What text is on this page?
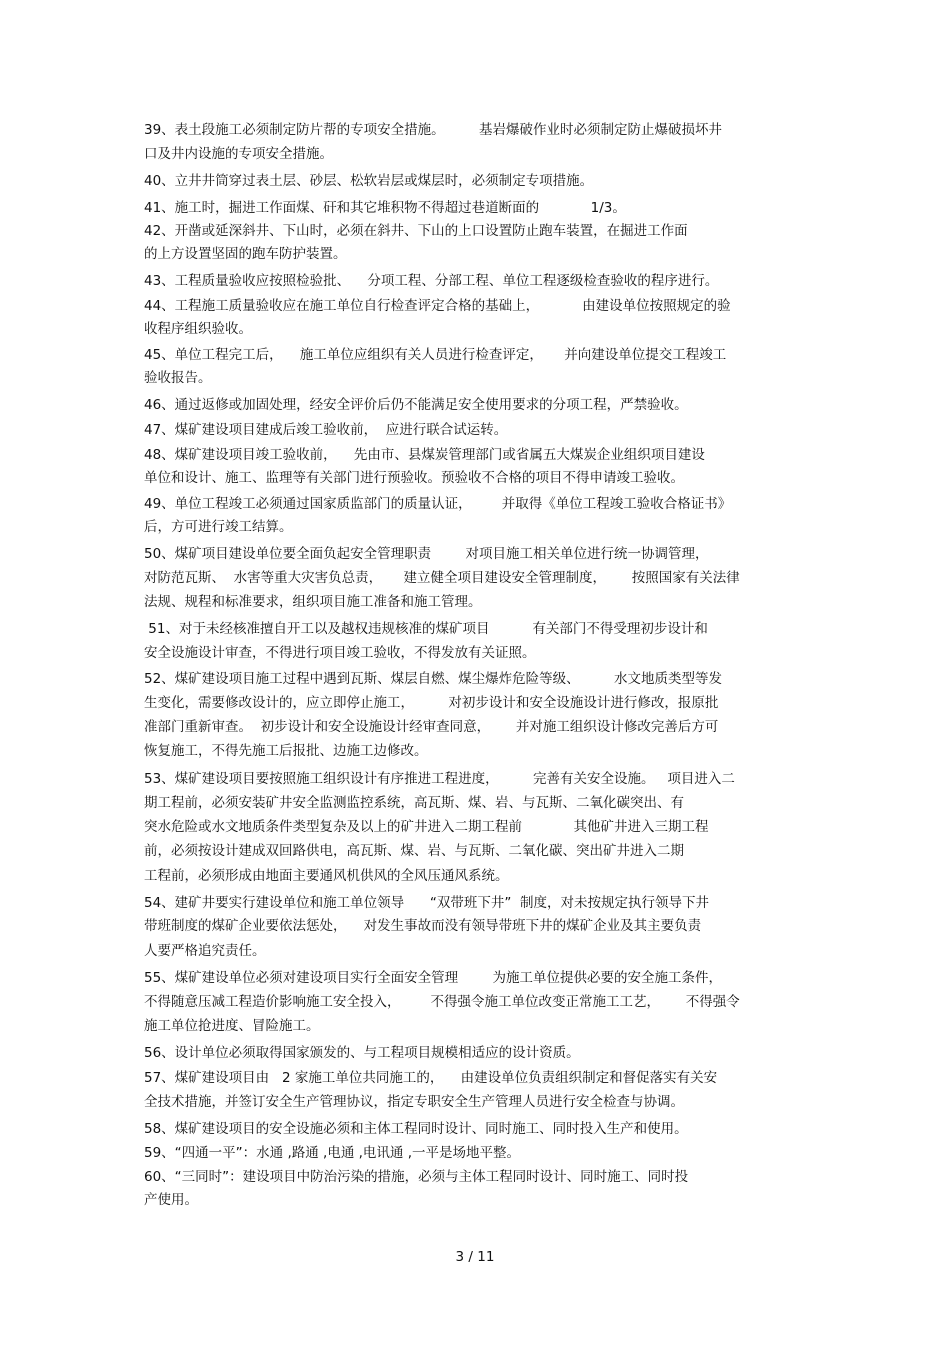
39、表土段施工必须制定防片帮的专项安全措施。        基岩爆破作业时必须制定防止爆破损坏井
口及井内设施的专项安全措施。
40、立井井筒穿过表土层、砂层、松软岩层或煤层时，必须制定专项措施。
41、施工时，掘进工作面煤、矸和其它堆积物不得超过巷道断面的            1/3。
42、开凿或延深斜井、下山时，必须在斜井、下山的上口设置防止跑车装置，在掘进工作面
的上方设置坚固的跑车防护装置。
43、工程质量验收应按照检验批、    分项工程、分部工程、单位工程逐级检查验收的程序进行。
44、工程施工质量验收应在施工单位自行检查评定合格的基础上，          由建设单位按照规定的验
收程序组织验收。
45、单位工程完工后，    施工单位应组织有关人员进行检查评定，     并向建设单位提交工程竣工
验收报告。
46、通过返修或加固处理，经安全评价后仍不能满足安全使用要求的分项工程，严禁验收。
47、煤矿建设项目建成后竣工验收前，  应进行联合试运转。
48、煤矿建设项目竣工验收前，    先由市、县煤炭管理部门或省属五大煤炭企业组织项目建设
单位和设计、施工、监理等有关部门进行预验收。预验收不合格的项目不得申请竣工验收。
49、单位工程竣工必须通过国家质监部门的质量认证，       并取得《单位工程竣工验收合格证书》
后，方可进行竣工结算。
50、煤矿项目建设单位要全面负起安全管理职责        对项目施工相关单位进行统一协调管理，
对防范瓦斯、  水害等重大灾害负总责，     建立健全项目建设安全管理制度，      按照国家有关法律
法规、规程和标准要求，组织项目施工准备和施工管理。
51、对于未经核准擅自开工以及越权违规核准的煤矿项目          有关部门不得受理初步设计和
安全设施设计审查，不得进行项目竣工验收，不得发放有关证照。
52、煤矿建设项目施工过程中遇到瓦斯、煤层自燃、煤尘爆炸危险等级、        水文地质类型等发
生变化，需要修改设计的，应立即停止施工，        对初步设计和安全设施设计进行修改，报原批
准部门重新审查。  初步设计和安全设施设计经审查同意，      并对施工组织设计修改完善后方可
恢复施工，不得先施工后报批、边施工边修改。
53、煤矿建设项目要按照施工组织设计有序推进工程进度，        完善有关安全设施。   项目进入二
期工程前，必须安装矿井安全监测监控系统，高瓦斯、煤、岩、与瓦斯、二氧化碳突出、有
突水危险或水文地质条件类型复杂及以上的矿井进入二期工程前            其他矿井进入三期工程
前，必须按设计建成双回路供电，高瓦斯、煤、岩、与瓦斯、二氧化碳、突出矿井进入二期
工程前，必须形成由地面主要通风机供风的全风压通风系统。
54、建矿井要实行建设单位和施工单位领导      “双带班下井”  制度，对未按规定执行领导下井
带班制度的煤矿企业要依法惩处，    对发生事故而没有领导带班下井的煤矿企业及其主要负责
人要严格追究责任。
55、煤矿建设单位必须对建设项目实行全面安全管理        为施工单位提供必要的安全施工条件，
不得随意压减工程造价影响施工安全投入，       不得强令施工单位改变正常施工工艺，      不得强令
施工单位抢进度、冒险施工。
56、设计单位必须取得国家颁发的、与工程项目规模相适应的设计资质。
57、煤矿建设项目由   2 家施工单位共同施工的，    由建设单位负责组织制定和督促落实有关安
全技术措施，并签订安全生产管理协议，指定专职安全生产管理人员进行安全检查与协调。
58、煤矿建设项目的安全设施必须和主体工程同时设计、同时施工、同时投入生产和使用。
59、“四通一平”：水通 ,路通 ,电通 ,电讯通 ,一平是场地平整。
60、“三同时”：建设项目中防治污染的措施，必须与主体工程同时设计、同时施工、同时投
产使用。
3 / 11
